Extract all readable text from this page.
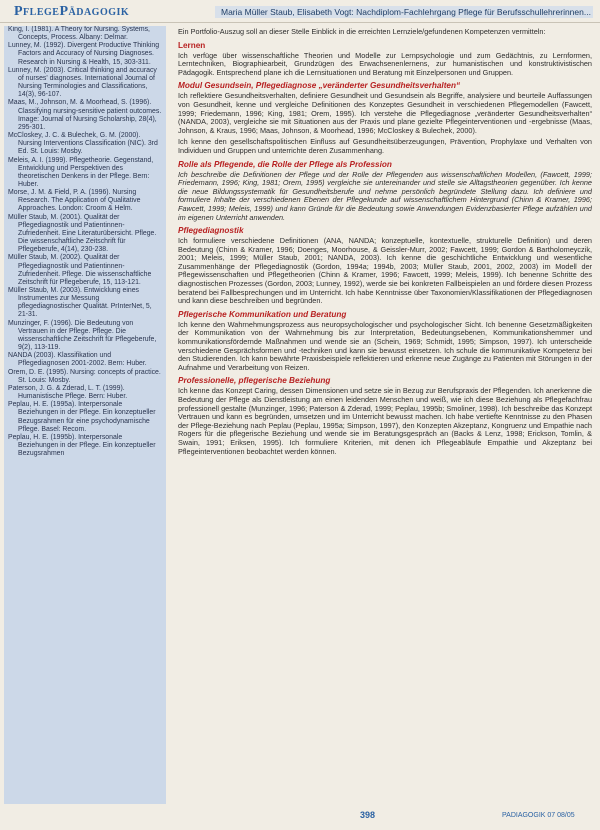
PflegePädagogik	Maria Müller Staub, Elisabeth Vogt: Nachdiplom-Fachlehrgang Pflege für Berufsschullehrerinnen...

King, I. (1981). A Theory for Nursing. Systems, Concepts, Process. Albany: Delmar.

Lunney, M. (1992). Divergent Productive Thinking Factors and Accuracy of Nursing Diagnoses. Research in Nursing & Health, 15, 303-311.

Lunney, M. (2003). Critical thinking and accuracy of nurses' diagnoses. International Journal of Nursing Terminologies and Classifications, 14(3), 96-107.

Maas, M., Johnson, M. & Moorhead, S. (1996). Classifying nursing-sensitive patient outcomes. Image: Journal of Nursing Scholarship, 28(4), 295-301.

McCloskey, J. C. & Bulechek, G. M. (2000). Nursing Interventions Classification (NIC). 3rd Ed. St. Louis: Mosby.

Meleis, A. I. (1999). Pflegetheorie. Gegenstand, Entwicklung und Perspektiven des theoretischen Denkens in der Pflege. Bern: Huber.

Morse, J. M. & Field, P. A. (1996). Nursing Research. The Application of Qualitative Approaches. London: Croom & Helm.

Müller Staub, M. (2001). Qualität der Pflegediagnostik und Patientinnen-Zufriedenheit. Eine Literaturübersicht. Pflege. Die wissenschaftliche Zeitschrift für Pflegeberufe, 4(14), 230-238.

Müller Staub, M. (2002). Qualität der Pflegediagnostik und Patientinnen-Zufriedenheit. Pflege. Die wissenschaftliche Zeitschrift für Pflegeberufe, 15, 113-121.

Müller Staub, M. (2003). Entwicklung eines Instrumentes zur Messung pflegediagnostischer Qualität. PrInterNet, 5, 21-31.

Munzinger, F. (1996). Die Bedeutung von Vertrauen in der Pflege. Pflege. Die wissenschaftliche Zeitschrift für Pflegeberufe, 9(2), 113-119.

NANDA (2003). Klassifikation und Pflegediagnosen 2001-2002. Bern: Huber.

Orem, D. E. (1995). Nursing: concepts of practice. St. Louis: Mosby.

Paterson, J. G. & Zderad, L. T. (1999). Humanistische Pflege. Bern: Huber.

Peplau, H. E. (1995a). Interpersonale Beziehungen in der Pflege. Ein konzeptueller Bezugsrahmen für eine psychodynamische Pflege. Basel: Recom.

Peplau, H. E. (1995b). Interpersonale Beziehungen in der Pflege. Ein konzeptueller Bezugsrahmen

Ein Portfolio-Auszug soll an dieser Stelle Einblick in die erreichten Lernziele/gefundenen Kompetenzen vermitteln:

Lernen

Ich verfüge über wissenschaftliche Theorien und Modelle zur Lernpsychologie und zum Gedächtnis, zu Lernformen, Lerntechniken, Biographiearbeit, Grundzügen des Erwachsenenlernens, zur humanistischen und konstruktivistischen Pädagogik. Entsprechend plane ich die Lernsituationen und Beratung mit Einzelpersonen und Gruppen.

Modul Gesundsein, Pflegediagnose „veränderter Gesundheitsverhalten“

Ich reflektiere Gesundheitsverhalten, definiere Gesundheit und Gesundsein als Begriffe, analysiere und beurteile Auffassungen von Gesundheit, kenne und vergleiche Definitionen des Konzeptes Gesundheit in verschiedenen Pflegemodellen (Fawcett, 1999; Friedemann, 1996; King, 1981; Orem, 1995). Ich verstehe die Pflegediagnose „veränderter Gesundheitsverhalten“ (NANDA, 2003), vergleiche sie mit Situationen aus der Praxis und plane gezielte Pflegeinterventionen und -ergebnisse (Maas, Johnson, & Kraus, 1996; Maas, Johnson, & Moorhead, 1996; McCloskey & Bulechek, 2000).

Ich kenne den gesellschaftspolitischen Einfluss auf Gesundheitsüberzeugungen, Prävention, Prophylaxe und Verhalten von Individuen und Gruppen und unterrichte deren Zusammenhang.

Rolle als Pflegende, die Rolle der Pflege als Profession

Ich beschreibe die Definitionen der Pflege und der Rolle der Pflegenden aus wissenschaftlichen Modellen, (Fawcett, 1999; Friedemann, 1996; King, 1981; Orem, 1995) vergleiche sie untereinander und stelle sie Alltagstheorien gegenüber. Ich kenne die neue Bildungssystematik für Gesundheitsberufe und nehme persönlich begründete Stellung dazu. Ich definiere und formuliere Inhalte der verschiedenen Ebenen der Pflegekunde auf wissenschaftlichem Hintergrund (Chinn & Kramer, 1996; Fawcett, 1999; Meleis, 1999) und kann Gründe für die Bedeutung sowie Anwendungen Evidenzbasierter Pflege aufzählen und im eigenen Unterricht anwenden.

Pflegediagnostik

Ich formuliere verschiedene Definitionen (ANA, NANDA; konzeptuelle, kontextuelle, strukturelle Definition) und deren Bedeutung (Chinn & Kramer, 1996; Doenges, Moorhouse, & Geissler-Murr, 2002; Fawcett, 1999; Gordon & Bartholomeyczik, 2001; Meleis, 1999; Müller Staub, 2001; NANDA, 2003). Ich kenne die geschichtliche Entwicklung und wesentliche Zusammenhänge der Pflegediagnostik (Gordon, 1994a; 1994b, 2003; Müller Staub, 2001, 2002, 2003) im Modell der Pflegewissenschaften und Pflegetheorien (Chinn & Kramer, 1996; Fawcett, 1999; Meleis, 1999). Ich benenne Schritte des diagnostischen Prozesses (Gordon, 2003; Lunney, 1992), werde sie bei konkreten Fallbeispielen an und fördere diesen Prozess beratend bei Fallbesprechungen und im Unterricht. Ich habe Kenntnisse über Taxonomien/Klassifikationen der Pflegediagnosen und kann diese beschreiben und begründen.

Pflegerische Kommunikation und Beratung

Ich kenne den Wahrnehmungsprozess aus neuropsychologischer und psychologischer Sicht. Ich benenne Gesetzmäßigkeiten der Kommunikation von der Wahrnehmung bis zur Interpretation, Bedeutungsebenen, Kommunikationshemmer und kommunikationsfördernde Maßnahmen und wende sie an (Schein, 1969; Schmidt, 1995; Simpson, 1997). Ich unterscheide verschiedene Gesprächsformen und -techniken und kann sie bewusst einsetzen. Ich schule die kommunikative Kompetenz bei den Studierenden. Ich kann bewährte Praxisbeispiele reflektieren und erkenne neue Zugänge zu Patienten mit Störungen in der Aufnahme und Verarbeitung von Reizen.

Professionelle, pflegerische Beziehung

Ich kenne das Konzept Caring, dessen Dimensionen und setze sie in Bezug zur Berufspraxis der Pflegenden. Ich anerkenne die Bedeutung der Pflege als Dienstleistung am einen leidenden Menschen und weiß, wie ich diese Beziehung als Pflegefachfrau professionell gestalte (Munzinger, 1996; Paterson & Zderad, 1999; Peplau, 1995b; Smoliner, 1998). Ich beschreibe das Konzept Vertrauen und kann es begründen, umsetzen und im Unterricht bewusst machen. Ich habe vertiefte Kenntnisse zu den Phasen der Pflege-Beziehung nach Peplau (Peplau, 1995a; Simpson, 1997), den Konzepten Akzeptanz, Kongruenz und Empathie nach Rogers für die pflegerische Beziehung und wende sie im Beratungsgespräch an (Backs & Lenz, 1998; Erickson, Tomlin, & Swain, 1991; Eriksen, 1995). Ich formuliere Kriterien, mit denen ich Pflegeabläufe Empathie und Akzeptanz bei Pflegeinterventionen beobachtet werden können.

398	PADIAGOGIK 07 08/05
